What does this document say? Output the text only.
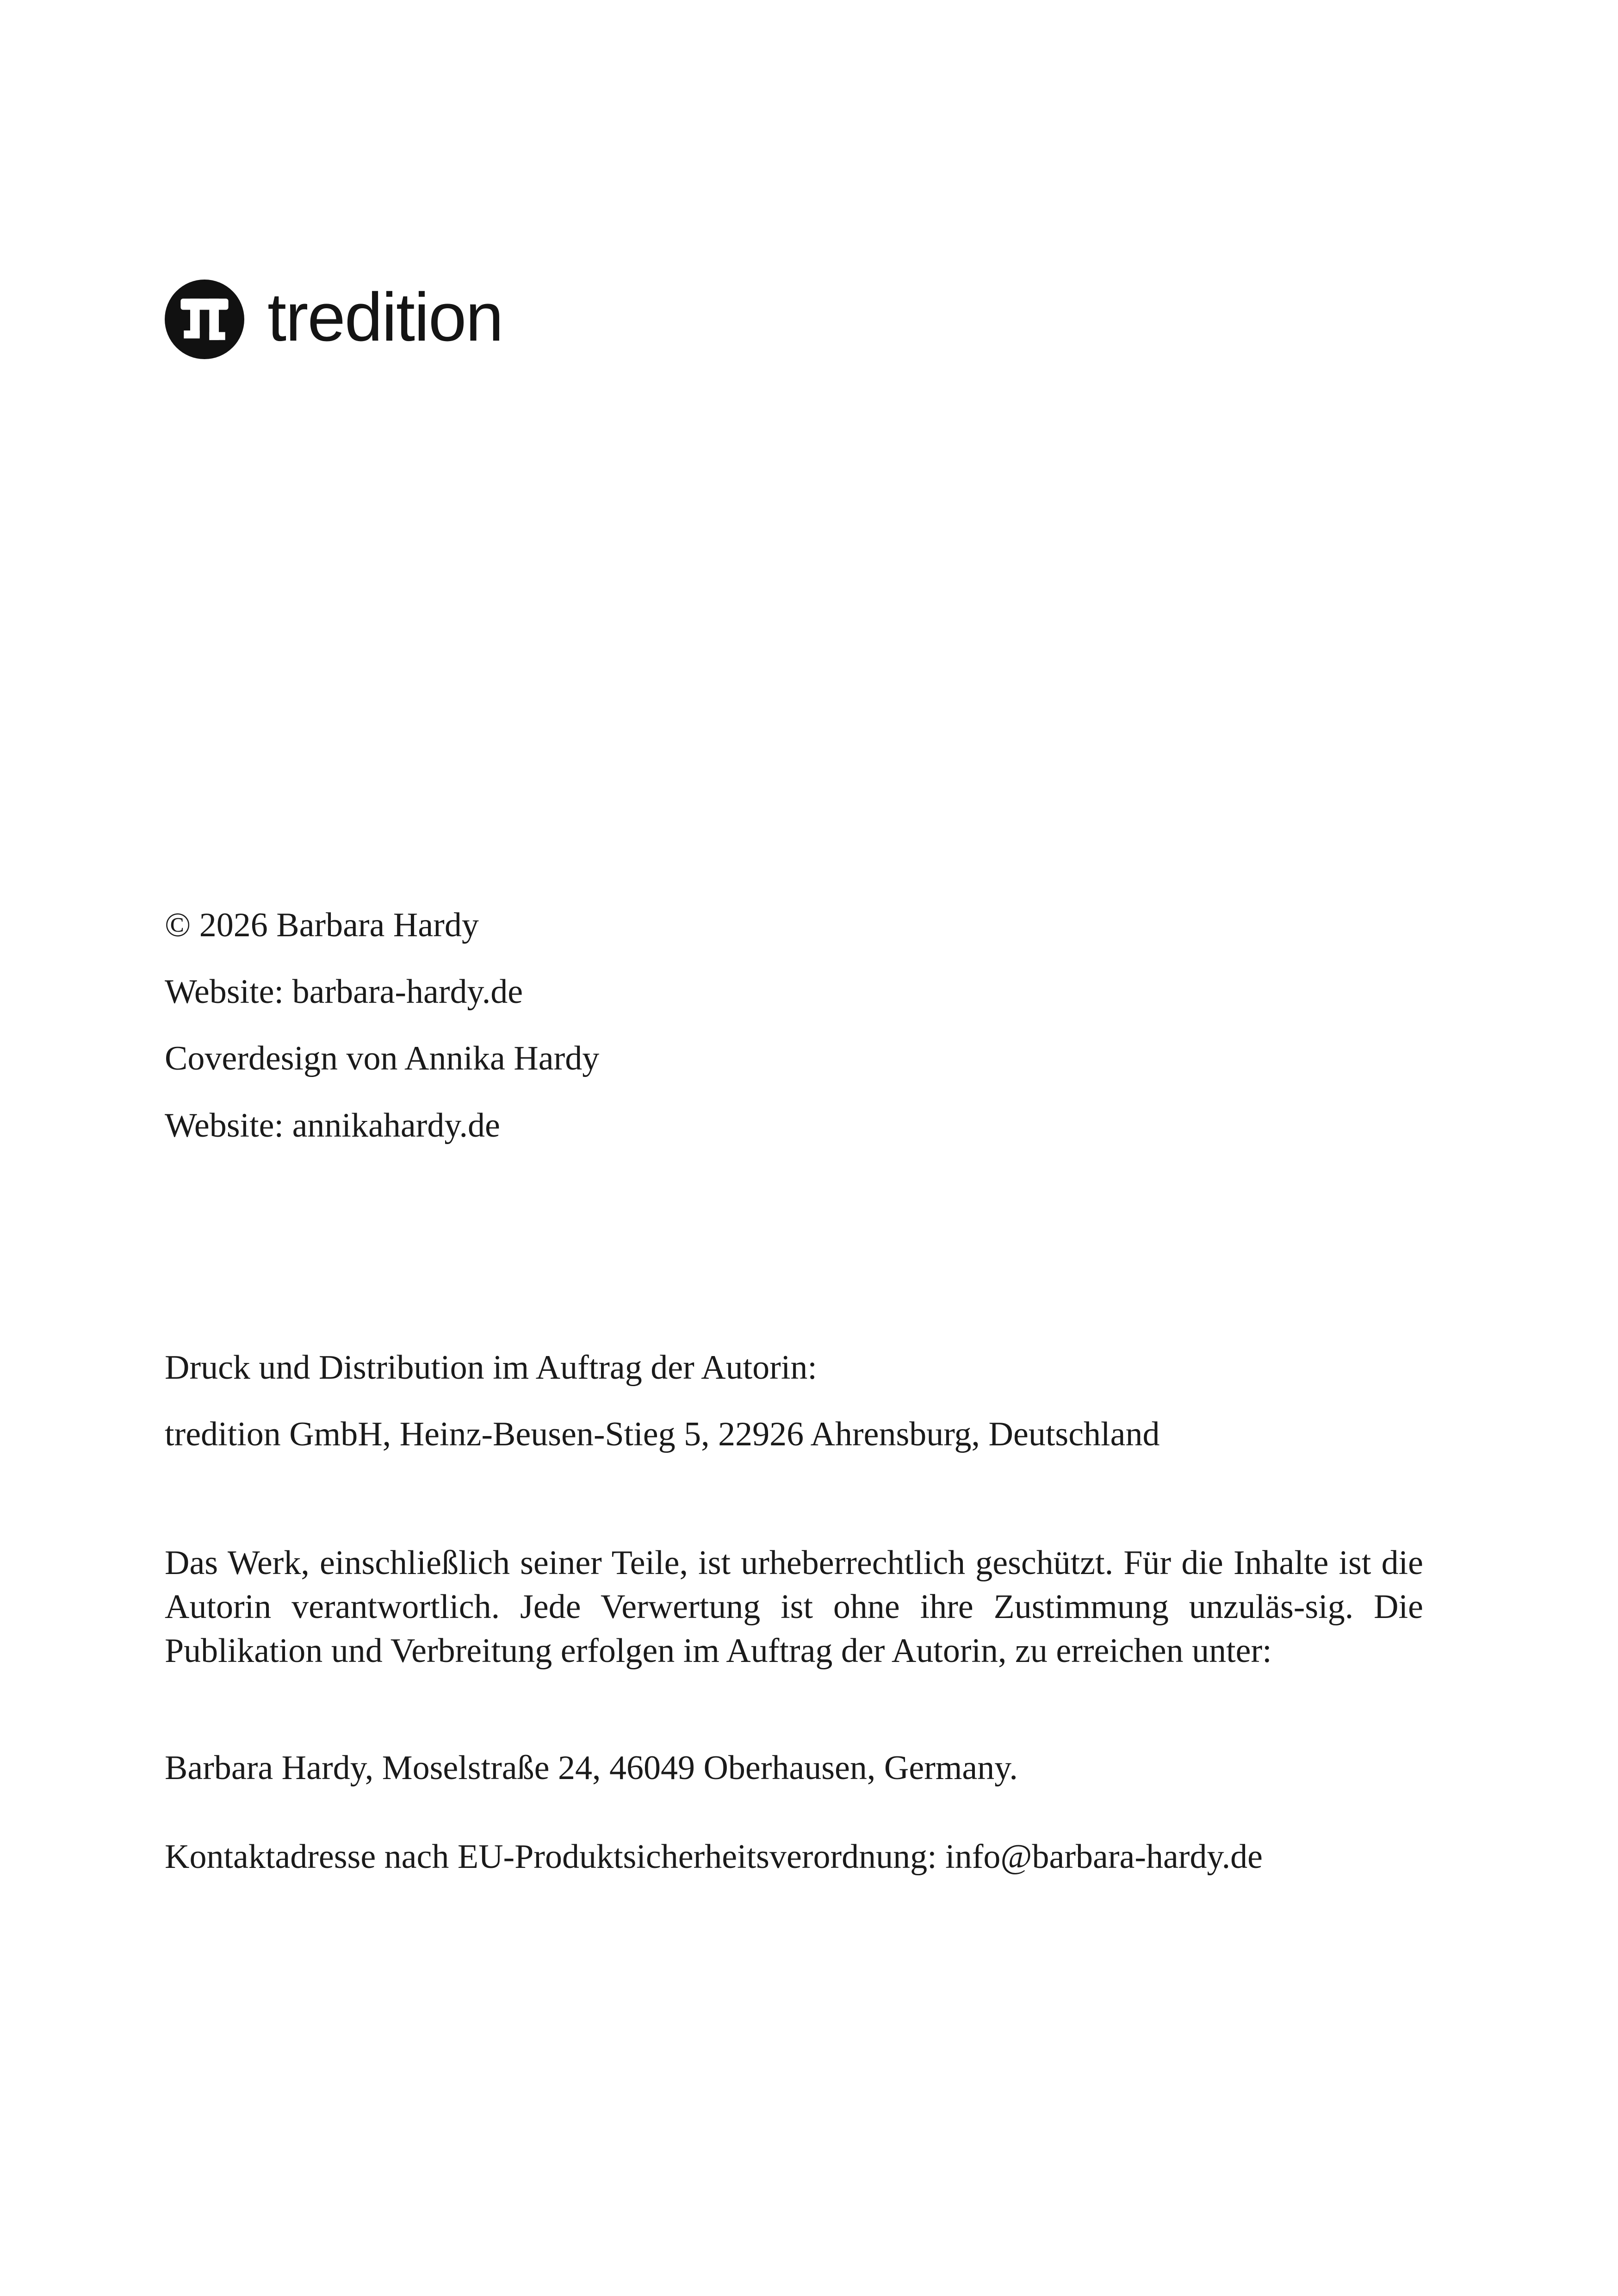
tredition
© 2026 Barbara Hardy
Website: barbara-hardy.de
Coverdesign von Annika Hardy
Website: annikahardy.de
Druck und Distribution im Auftrag der Autorin:
tredition GmbH, Heinz-Beusen-Stieg 5, 22926 Ahrensburg, Deutschland
Das Werk, einschließlich seiner Teile, ist urheberrechtlich geschützt. Für die Inhalte ist die Autorin verantwortlich. Jede Verwertung ist ohne ihre Zustimmung unzuläs-sig. Die Publikation und Verbreitung erfolgen im Auftrag der Autorin, zu erreichen unter:
Barbara Hardy, Moselstraße 24, 46049 Oberhausen, Germany.
Kontaktadresse nach EU-Produktsicherheitsverordnung: info@barbara-hardy.de
